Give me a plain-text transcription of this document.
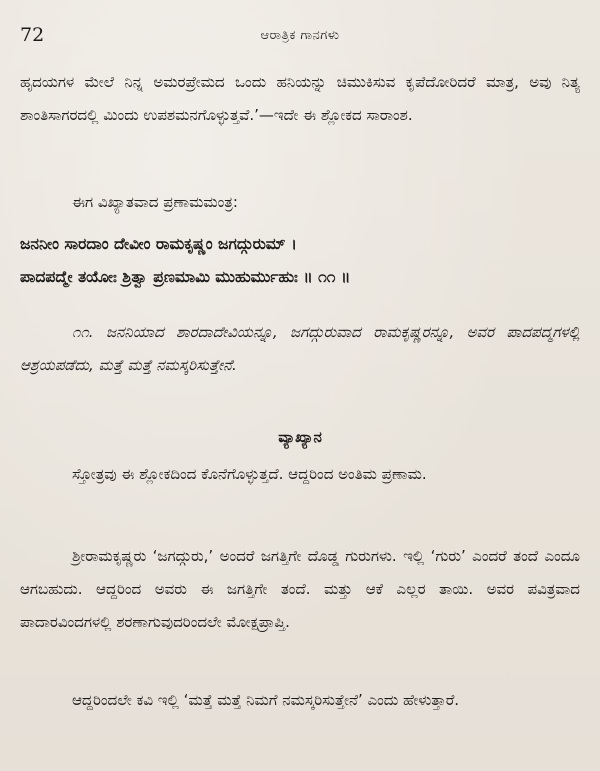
72	ಆರಾತ್ರಿಕ ಗಾನಗಳು

ಹೃದಯಗಳ ಮೇಲೆ ನಿನ್ನ ಅಮರಪ್ರೇಮದ ಒಂದು ಹನಿಯನ್ನು ಚಿಮುಕಿಸುವ ಕೃಪೆದೋರಿದರೆ ಮಾತ್ರ, ಅವು ನಿತ್ಯ ಶಾಂತಿಸಾಗರದಲ್ಲಿ ಮಿಂದು ಉಪಶಮನಗೊಳ್ಳುತ್ತವೆ.’—ಇದೇ ಈ ಶ್ಲೋಕದ ಸಾರಾಂಶ.

ಈಗ ವಿಖ್ಯಾತವಾದ ಪ್ರಣಾಮಮಂತ್ರ:

ಜನನೀಂ ಸಾರದಾಂ ದೇವೀಂ ರಾಮಕೃಷ್ಣಂ ಜಗದ್ಗುರುಮ್ ।
ಪಾದಪದ್ಮೇ ತಯೋಃ ಶ್ರಿತ್ವಾ ಪ್ರಣಮಾಮಿ ಮುಹುರ್ಮುಹುಃ ॥ ೧೧ ॥

೧೧. ಜನನಿಯಾದ ಶಾರದಾದೇವಿಯನ್ನೂ, ಜಗದ್ಗುರುವಾದ ರಾಮಕೃಷ್ಣರನ್ನೂ, ಅವರ ಪಾದಪದ್ಮಗಳಲ್ಲಿ ಆಶ್ರಯಪಡೆದು, ಮತ್ತೆ ಮತ್ತೆ ನಮಸ್ಕರಿಸುತ್ತೇನೆ.

ವ್ಯಾಖ್ಯಾನ

ಸ್ತೋತ್ರವು ಈ ಶ್ಲೋಕದಿಂದ ಕೊನೆಗೊಳ್ಳುತ್ತದೆ. ಆದ್ದರಿಂದ ಅಂತಿಮ ಪ್ರಣಾಮ.

ಶ್ರೀರಾಮಕೃಷ್ಣರು ‘ಜಗದ್ಗುರು,’ ಅಂದರೆ ಜಗತ್ತಿಗೇ ದೊಡ್ಡ ಗುರುಗಳು. ಇಲ್ಲಿ ‘ಗುರು’ ಎಂದರೆ ತಂದೆ ಎಂದೂ ಆಗಬಹುದು. ಆದ್ದರಿಂದ ಅವರು ಈ ಜಗತ್ತಿಗೇ ತಂದೆ. ಮತ್ತು ಆಕೆ ಎಲ್ಲರ ತಾಯಿ. ಅವರ ಪವಿತ್ರವಾದ ಪಾದಾರವಿಂದಗಳಲ್ಲಿ ಶರಣಾಗುವುದರಿಂದಲೇ ಮೋಕ್ಷಪ್ರಾಪ್ತಿ.

ಆದ್ದರಿಂದಲೇ ಕವಿ ಇಲ್ಲಿ ‘ಮತ್ತೆ ಮತ್ತೆ ನಿಮಗೆ ನಮಸ್ಕರಿಸುತ್ತೇನೆ’ ಎಂದು ಹೇಳುತ್ತಾರೆ.
